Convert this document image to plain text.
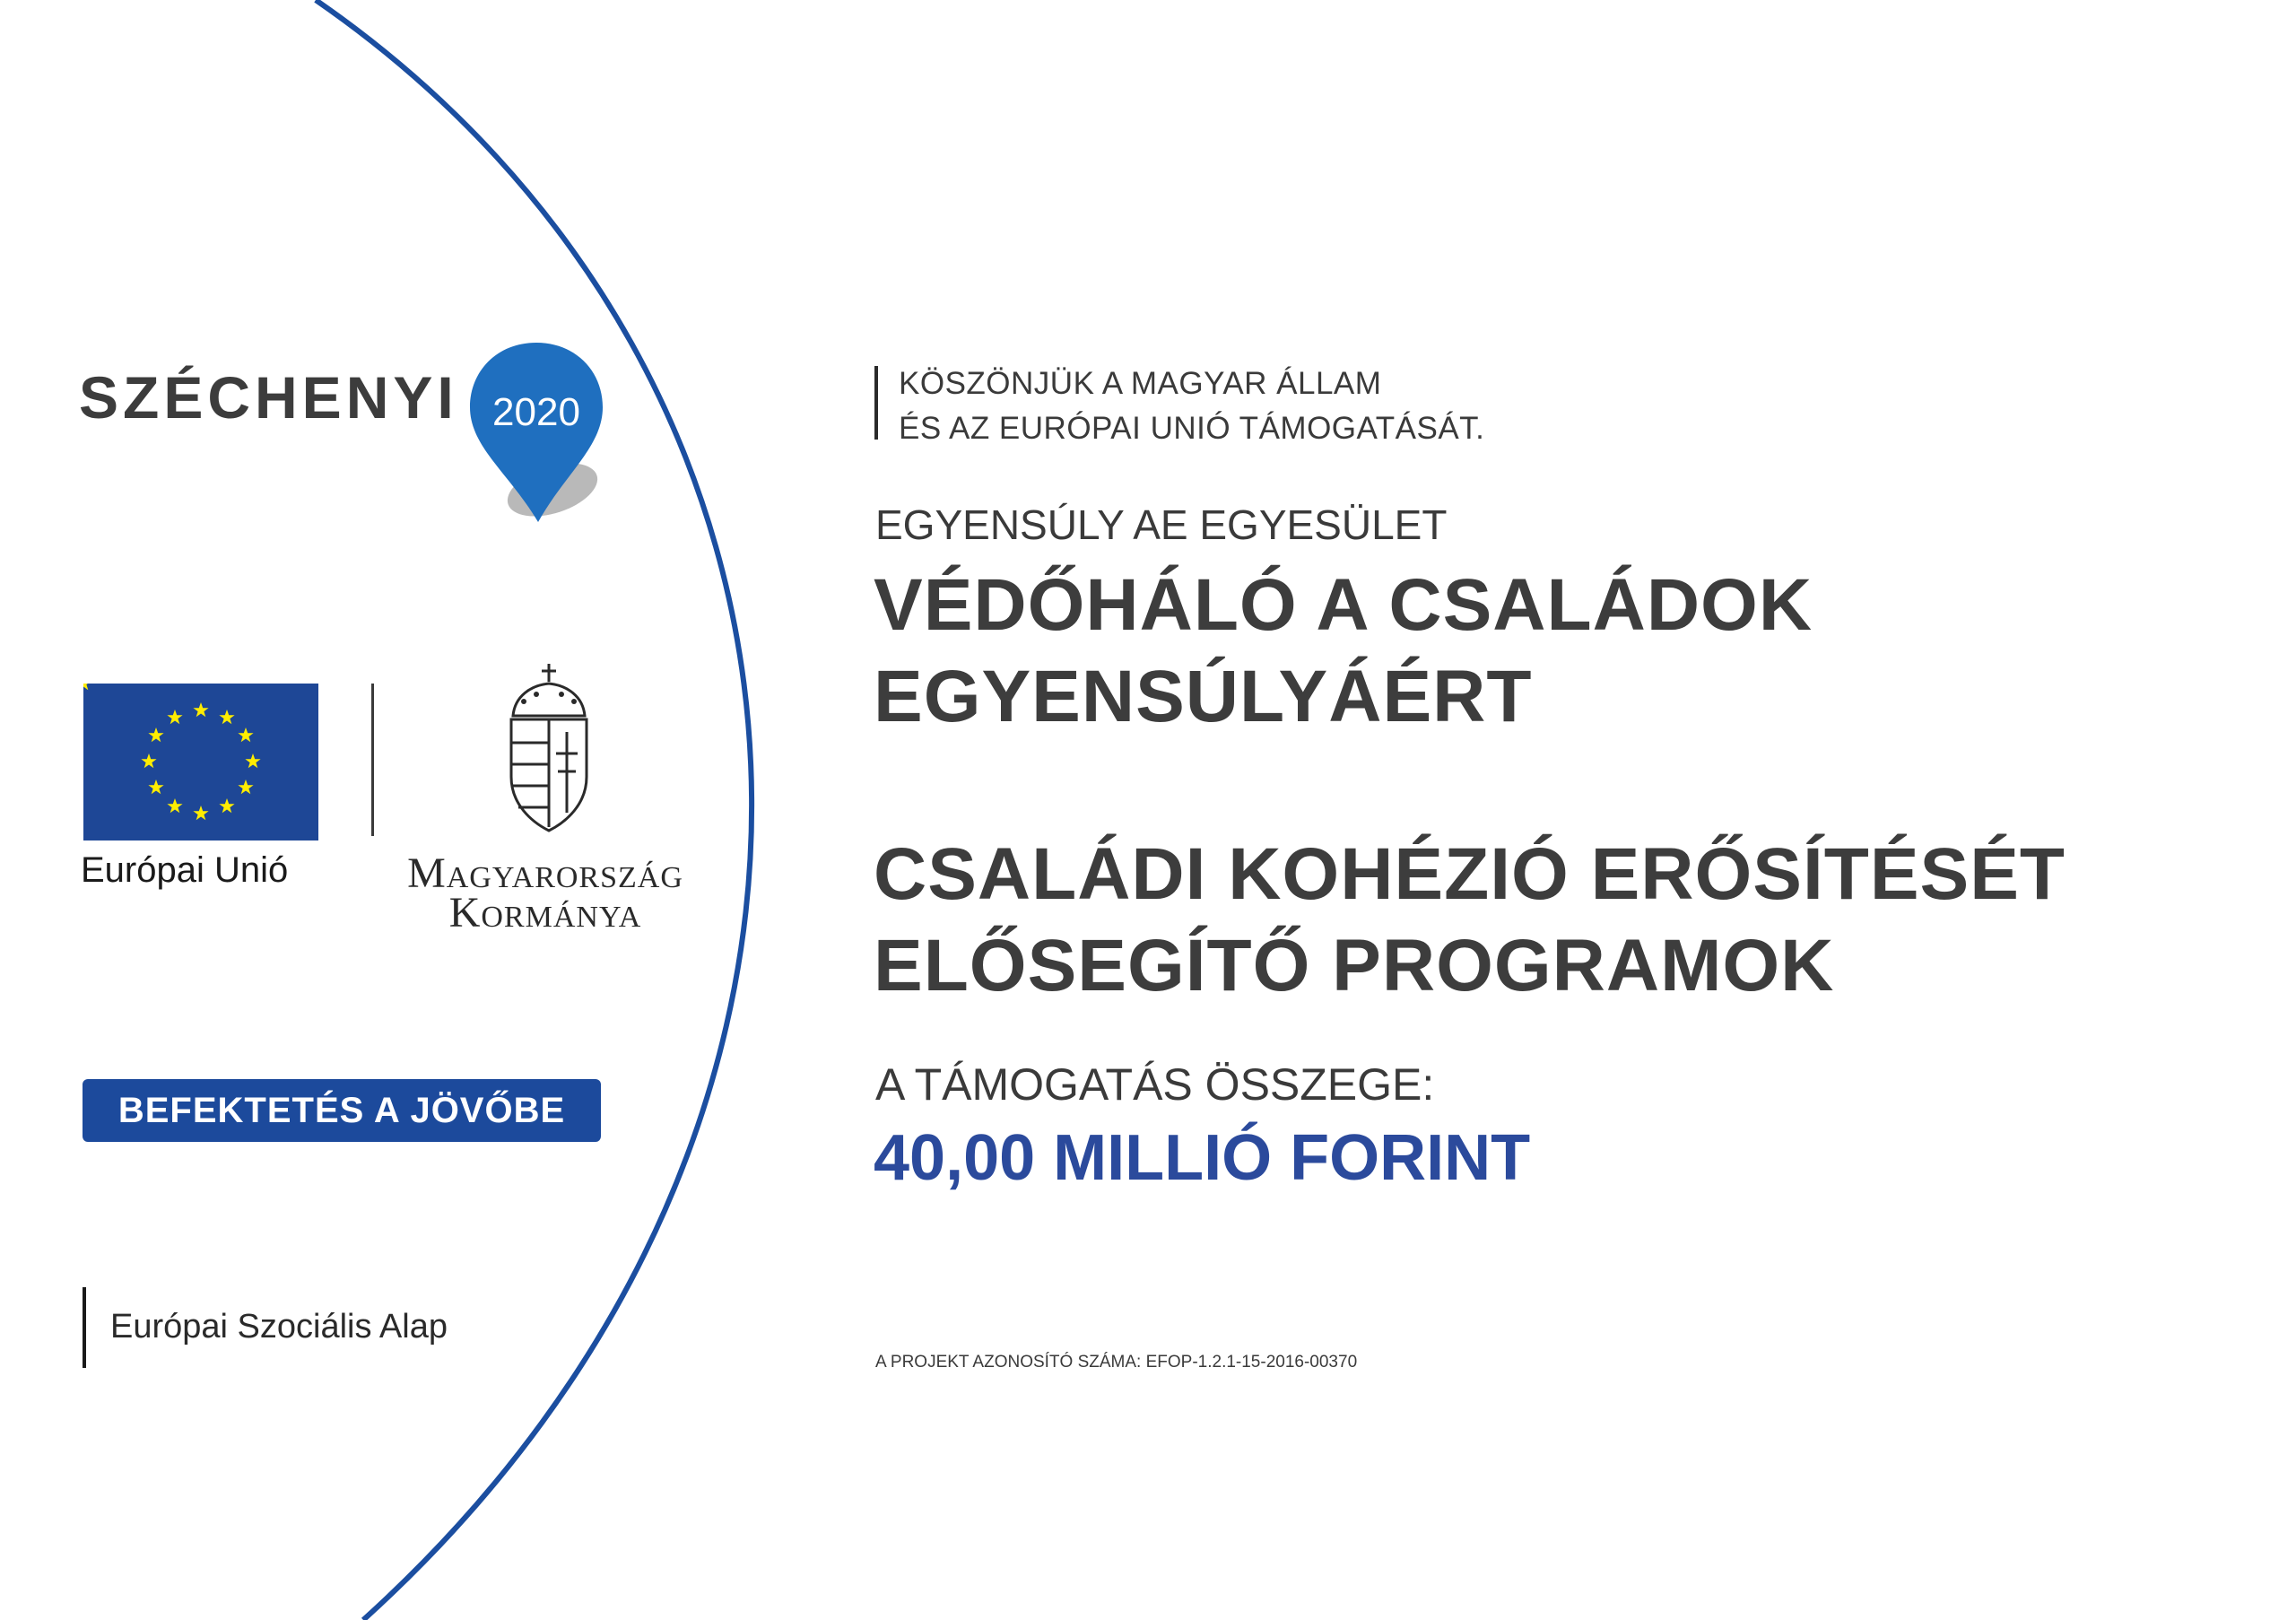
SZÉCHENYI 2020
Európai Unió	Magyarország
Kormánya
BEFEKTETÉS A JÖVŐBE
Európai Szociális Alap
KÖSZÖNJÜK A MAGYAR ÁLLAM
ÉS AZ EURÓPAI UNIÓ TÁMOGATÁSÁT.
EGYENSÚLY AE EGYESÜLET
VÉDŐHÁLÓ A CSALÁDOK
EGYENSÚLYÁÉRT
CSALÁDI KOHÉZIÓ ERŐSÍTÉSÉT
ELŐSEGÍTŐ PROGRAMOK
A TÁMOGATÁS ÖSSZEGE:
40,00 MILLIÓ FORINT
A PROJEKT AZONOSÍTÓ SZÁMA: EFOP-1.2.1-15-2016-00370
